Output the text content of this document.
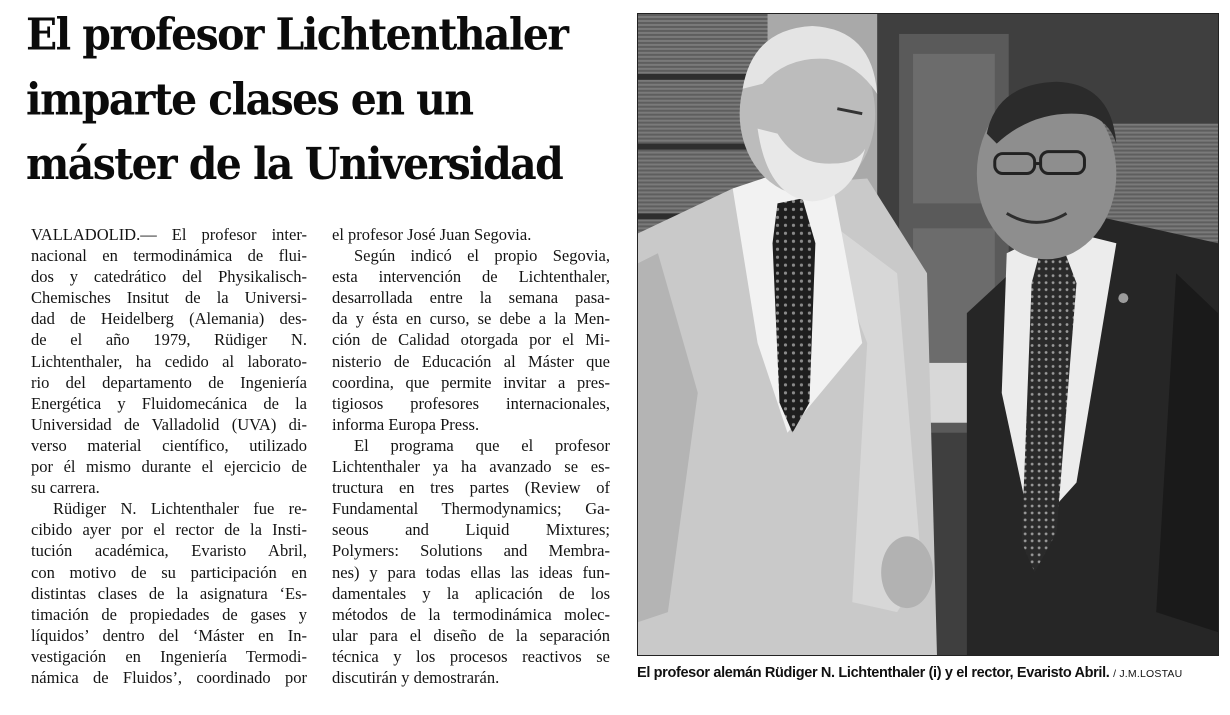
El profesor Lichtenthaler
imparte clases en un
máster de la Universidad
VALLADOLID.— El profesor inter-
nacional en termodinámica de flui-
dos y catedrático del Physikalisch-
Chemisches Insitut de la Universi-
dad de Heidelberg (Alemania) des-
de el año 1979, Rüdiger N.
Lichtenthaler, ha cedido al laborato-
rio del departamento de Ingeniería
Energética y Fluidomecánica de la
Universidad de Valladolid (UVA) di-
verso material científico, utilizado
por él mismo durante el ejercicio de
su carrera.
Rüdiger N. Lichtenthaler fue re-
cibido ayer por el rector de la Insti-
tución académica, Evaristo Abril,
con motivo de su participación en
distintas clases de la asignatura ‘Es-
timación de propiedades de gases y
líquidos’ dentro del ‘Máster en In-
vestigación en Ingeniería Termodi-
námica de Fluidos’, coordinado por
el profesor José Juan Segovia.
Según indicó el propio Segovia,
esta intervención de Lichtenthaler,
desarrollada entre la semana pasa-
da y ésta en curso, se debe a la Men-
ción de Calidad otorgada por el Mi-
nisterio de Educación al Máster que
coordina, que permite invitar a pres-
tigiosos profesores internacionales,
informa Europa Press.
El programa que el profesor
Lichtenthaler ya ha avanzado se es-
tructura en tres partes (Review of
Fundamental Thermodynamics; Ga-
seous and Liquid Mixtures;
Polymers: Solutions and Membra-
nes) y para todas ellas las ideas fun-
damentales y la aplicación de los
métodos de la termodinámica molec-
ular para el diseño de la separación
técnica y los procesos reactivos se
discutirán y demostrarán.	El profesor alemán Rüdiger N. Lichtenthaler (i) y el rector, Evaristo Abril. / J.M.LOSTAU
